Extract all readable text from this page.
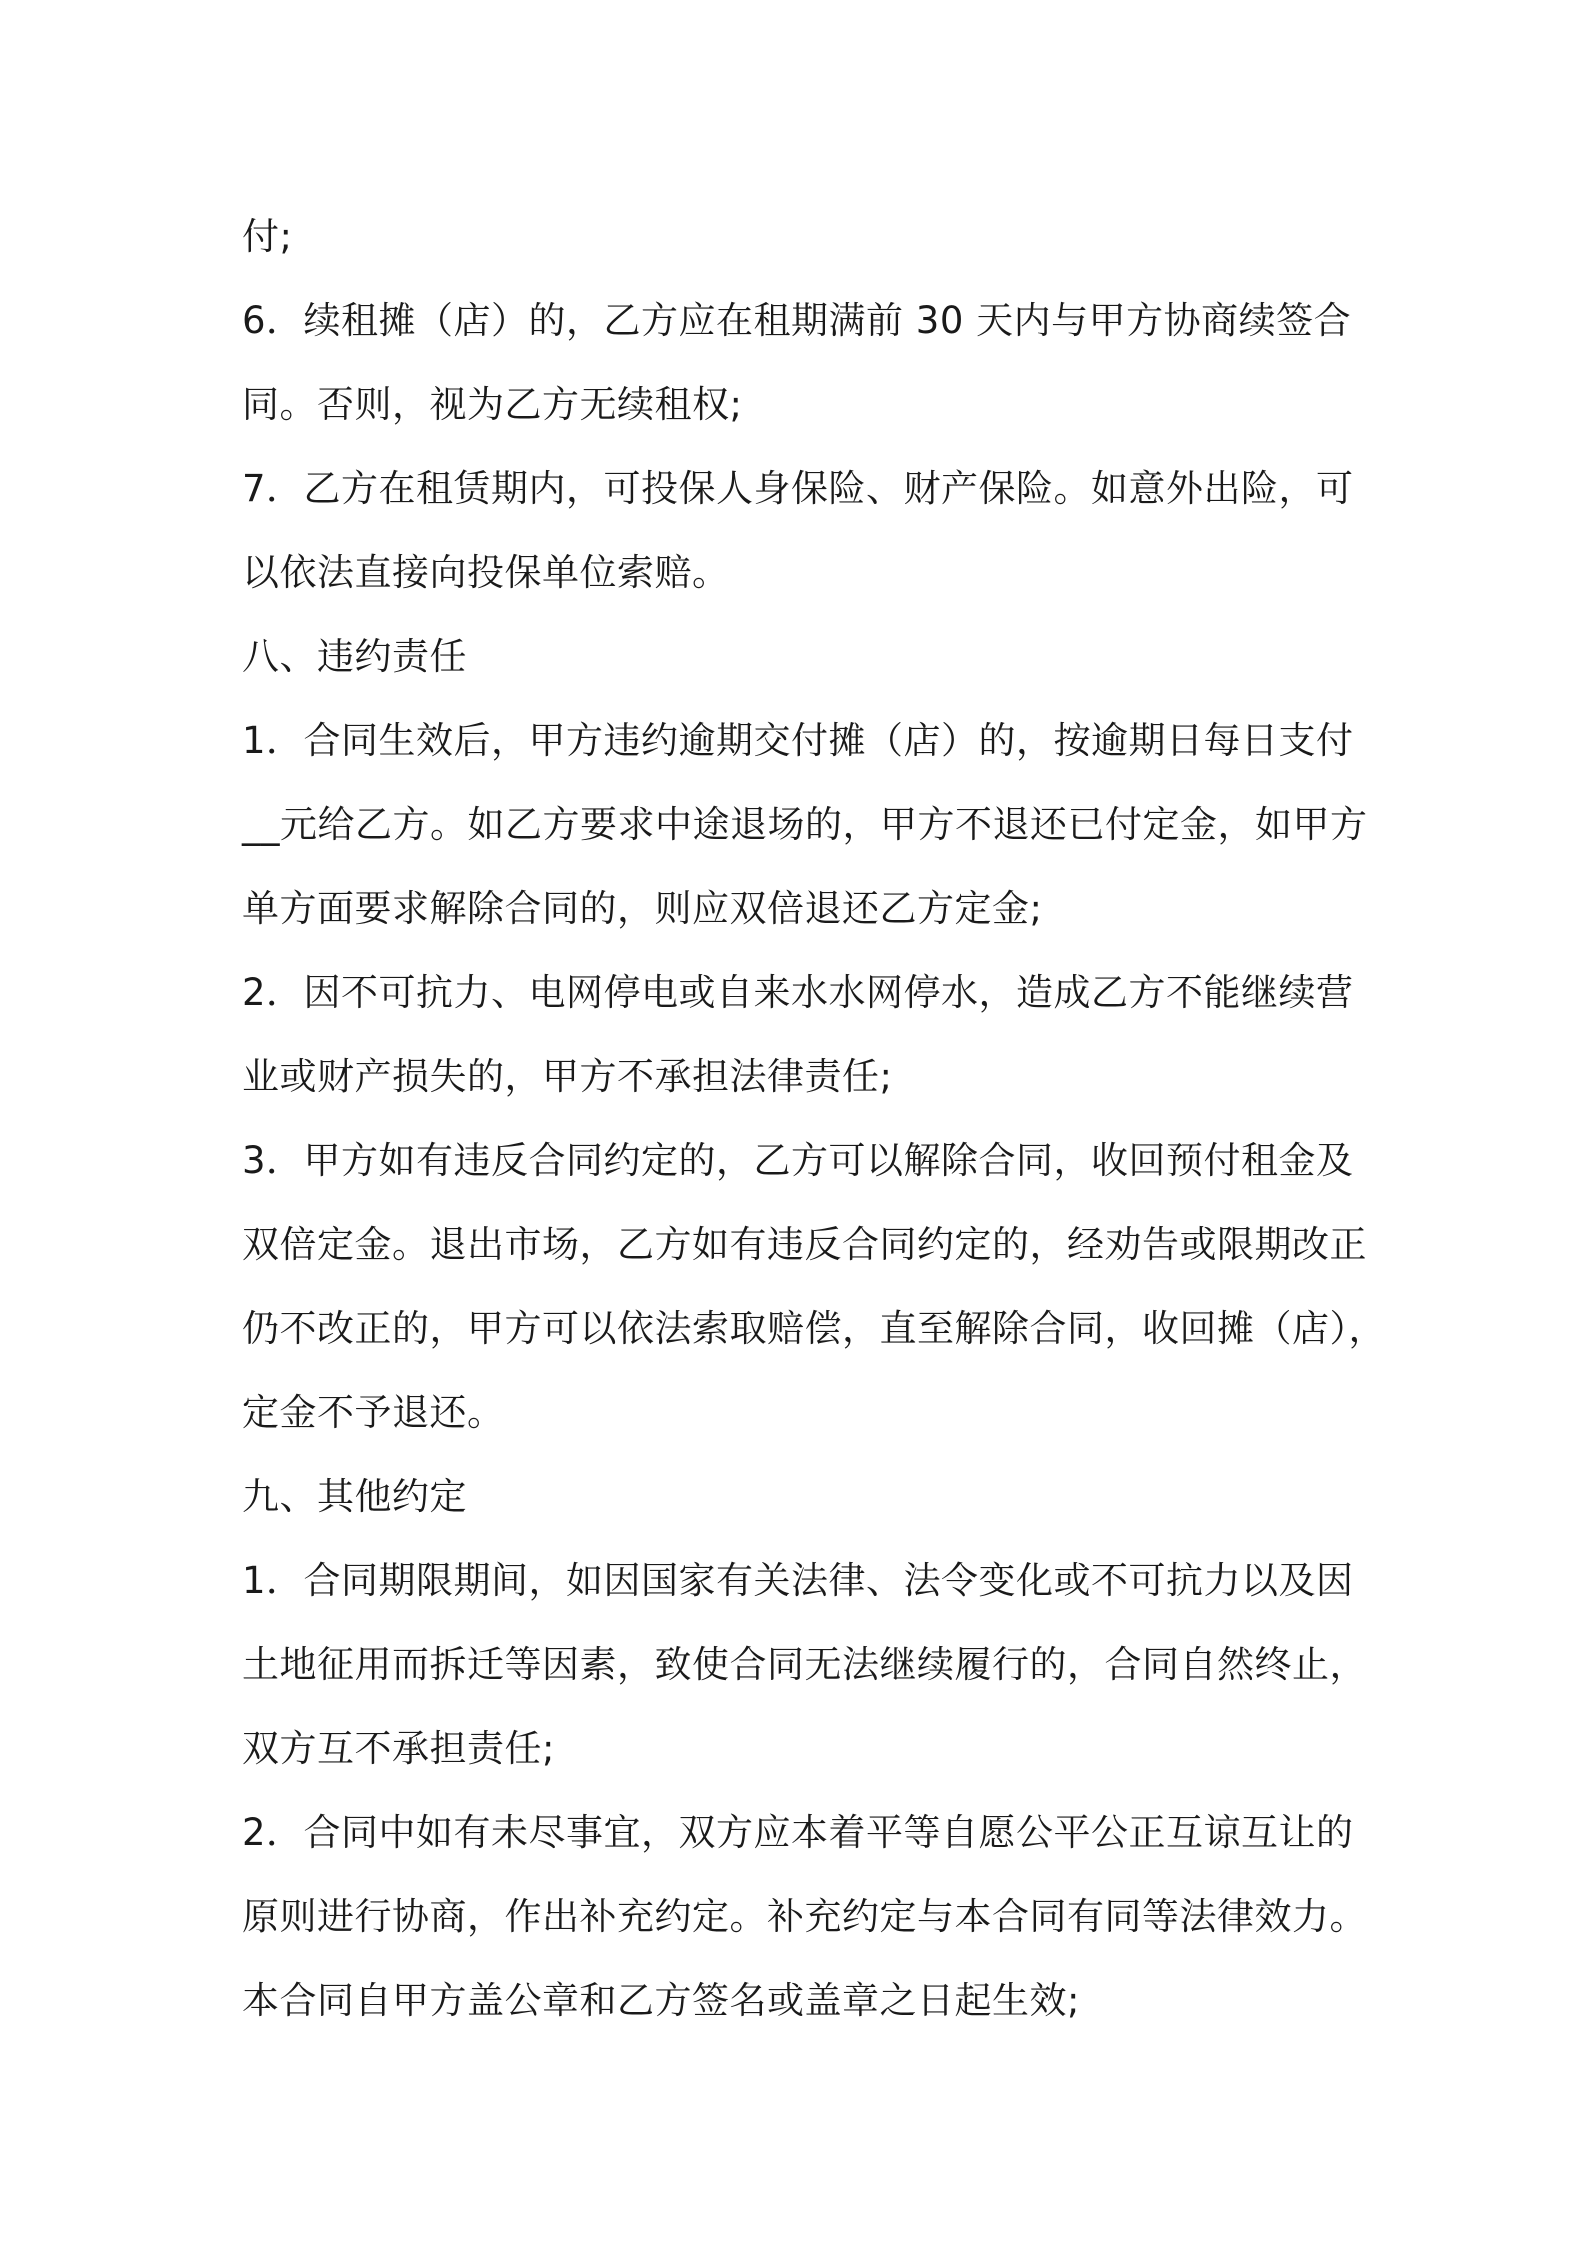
付;
6．续租摊（店）的，乙方应在租期满前 30 天内与甲方协商续签合
同。否则，视为乙方无续租权;
7．乙方在租赁期内，可投保人身保险、财产保险。如意外出险，可
以依法直接向投保单位索赔。
八、违约责任
1．合同生效后，甲方违约逾期交付摊（店）的，按逾期日每日支付
__元给乙方。如乙方要求中途退场的，甲方不退还已付定金，如甲方
单方面要求解除合同的，则应双倍退还乙方定金;
2．因不可抗力、电网停电或自来水水网停水，造成乙方不能继续营
业或财产损失的，甲方不承担法律责任;
3．甲方如有违反合同约定的，乙方可以解除合同，收回预付租金及
双倍定金。退出市场，乙方如有违反合同约定的，经劝告或限期改正
仍不改正的，甲方可以依法索取赔偿，直至解除合同，收回摊（店），
定金不予退还。
九、其他约定
1．合同期限期间，如因国家有关法律、法令变化或不可抗力以及因
土地征用而拆迁等因素，致使合同无法继续履行的，合同自然终止，
双方互不承担责任;
2．合同中如有未尽事宜，双方应本着平等自愿公平公正互谅互让的
原则进行协商，作出补充约定。补充约定与本合同有同等法律效力。
本合同自甲方盖公章和乙方签名或盖章之日起生效;
